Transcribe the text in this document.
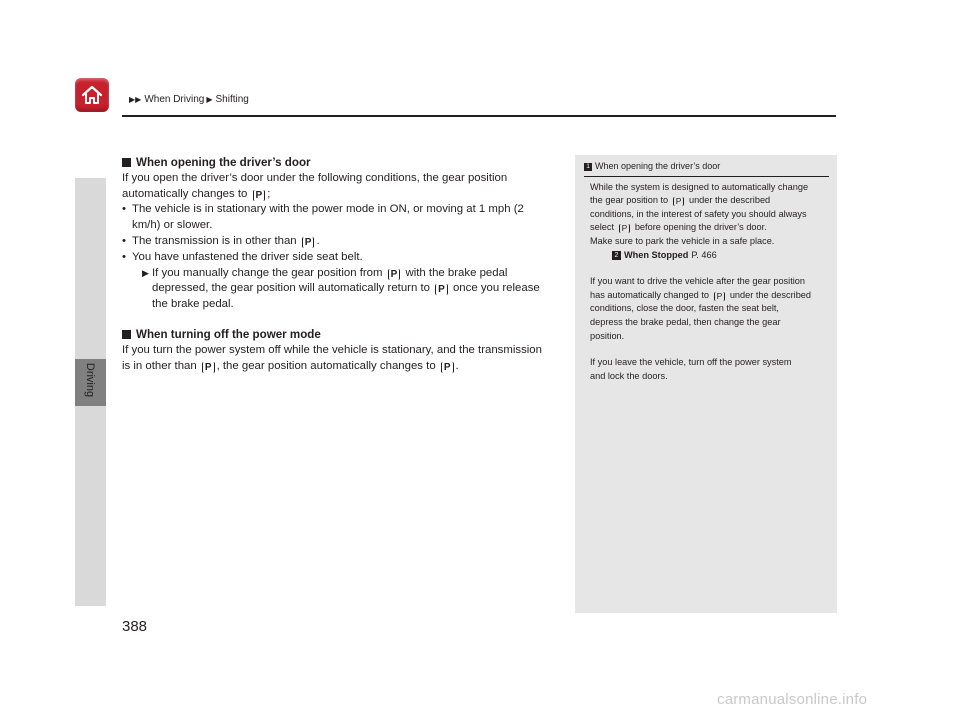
▶▶ When Driving ▶ Shifting
Driving
When opening the driver’s door
If you open the driver’s door under the following conditions, the gear position
automatically changes to P ;
• The vehicle is in stationary with the power mode in ON, or moving at 1 mph (2
km/h) or slower.
• The transmission is in other than P .
• You have unfastened the driver side seat belt.
▶ If you manually change the gear position from P with the brake pedal
depressed, the gear position will automatically return to P once you release
the brake pedal.
When turning off the power mode
If you turn the power system off while the vehicle is stationary, and the transmission
is in other than P , the gear position automatically changes to P .
1 When opening the driver’s door

While the system is designed to automatically change
the gear position to P under the described
conditions, in the interest of safety you should always
select P before opening the driver’s door.
Make sure to park the vehicle in a safe place.

2 When Stopped P. 466

If you want to drive the vehicle after the gear position
has automatically changed to P under the described
conditions, close the door, fasten the seat belt,
depress the brake pedal, then change the gear
position.

If you leave the vehicle, turn off the power system
and lock the doors.

388
carmanualsonline.info
